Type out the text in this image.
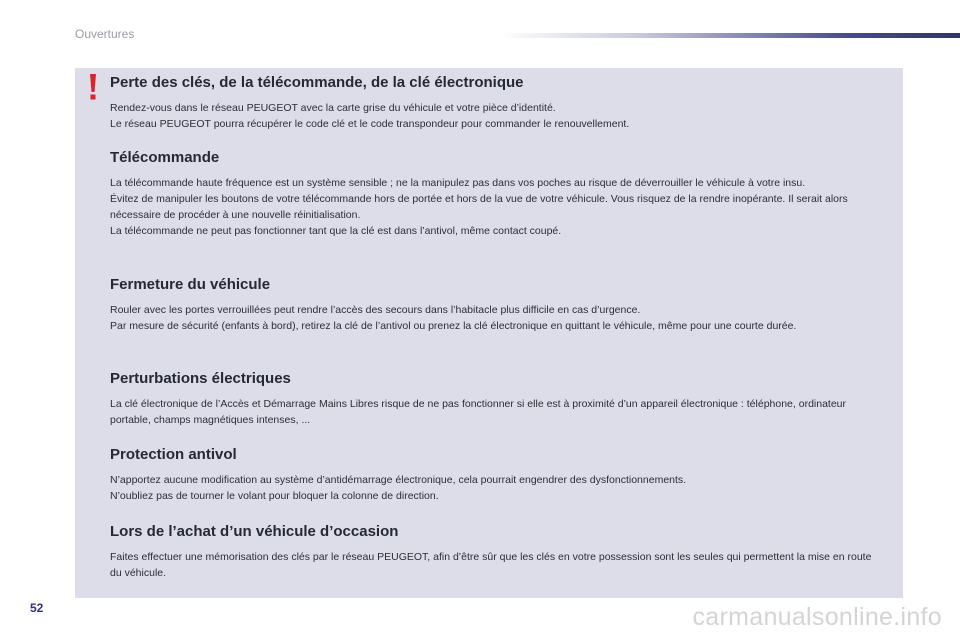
Ouvertures
Perte des clés, de la télécommande, de la clé électronique

Rendez-vous dans le réseau PEUGEOT avec la carte grise du véhicule et votre pièce d’identité.

Le réseau PEUGEOT pourra récupérer le code clé et le code transpondeur pour commander le renouvellement.

Télécommande

La télécommande haute fréquence est un système sensible ; ne la manipulez pas dans vos poches au risque de déverrouiller le véhicule à votre insu.

Évitez de manipuler les boutons de votre télécommande hors de portée et hors de la vue de votre véhicule. Vous risquez de la rendre inopérante. Il serait alors nécessaire de procéder à une nouvelle réinitialisation.

La télécommande ne peut pas fonctionner tant que la clé est dans l’antivol, même contact coupé.

Fermeture du véhicule

Rouler avec les portes verrouillées peut rendre l’accès des secours dans l’habitacle plus difficile en cas d’urgence.

Par mesure de sécurité (enfants à bord), retirez la clé de l’antivol ou prenez la clé électronique en quittant le véhicule, même pour une courte durée.

Perturbations électriques

La clé électronique de l’Accès et Démarrage Mains Libres risque de ne pas fonctionner si elle est à proximité d’un appareil électronique : téléphone, ordinateur portable, champs magnétiques intenses, ...

Protection antivol

N’apportez aucune modification au système d’antidémarrage électronique, cela pourrait engendrer des dysfonctionnements.

N’oubliez pas de tourner le volant pour bloquer la colonne de direction.

Lors de l’achat d’un véhicule d’occasion

Faites effectuer une mémorisation des clés par le réseau PEUGEOT, afin d’être sûr que les clés en votre possession sont les seules qui permettent la mise en route du véhicule.

52	carmanualsonline.info
